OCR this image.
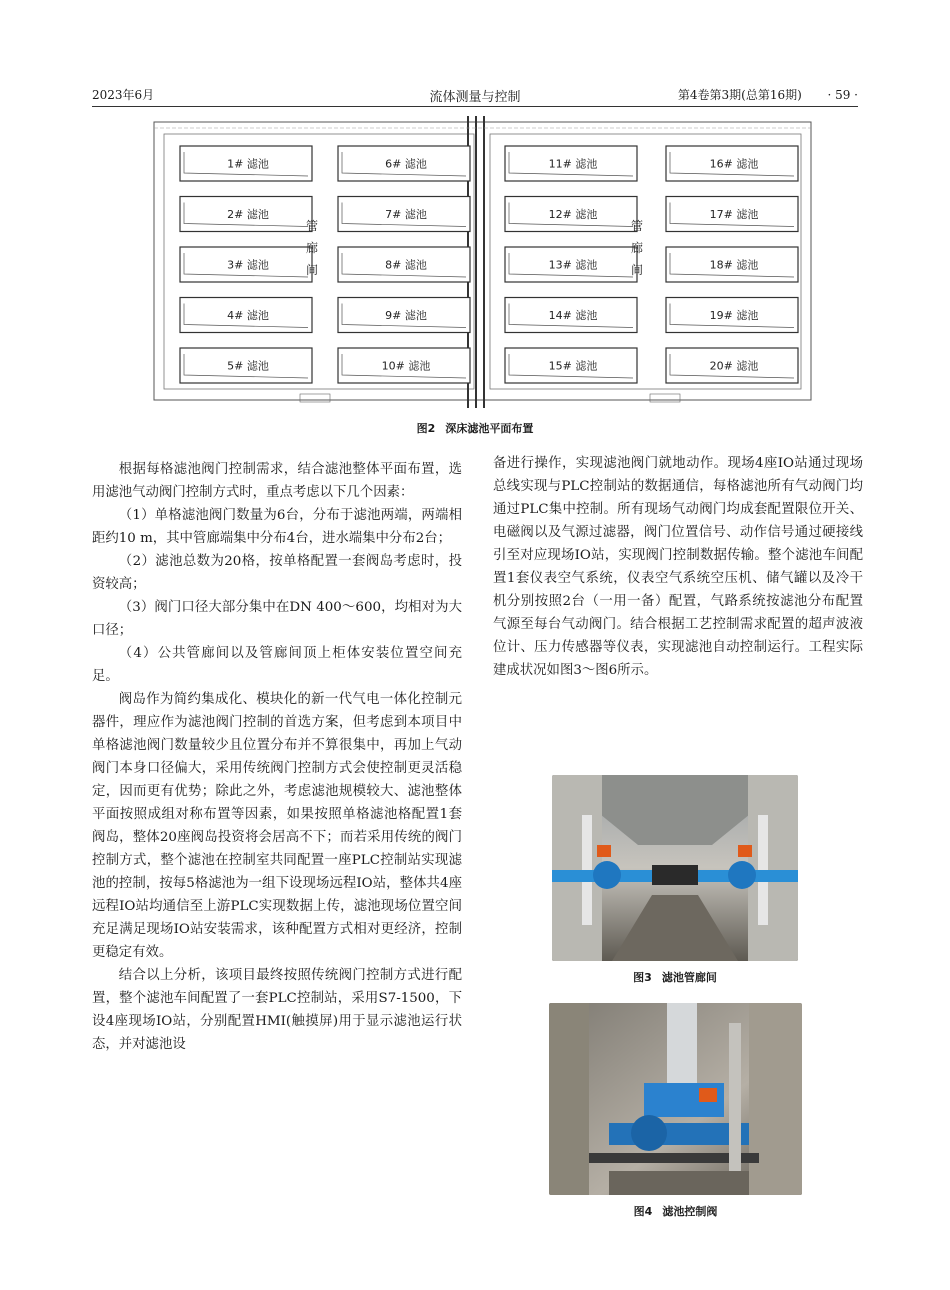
2023年6月	流体测量与控制	第4卷第3期(总第16期) · 59 ·
1# 滤池
2# 滤池
3# 滤池
4# 滤池
5# 滤池
6# 滤池
7# 滤池
8# 滤池
9# 滤池
10# 滤池
11# 滤池
12# 滤池
13# 滤池
14# 滤池
15# 滤池
16# 滤池
17# 滤池
18# 滤池
19# 滤池
20# 滤池
管
廊
间
管
廊
间
图2 深床滤池平面布置

根据每格滤池阀门控制需求，结合滤池整体平面布置，选用滤池气动阀门控制方式时，重点考虑以下几个因素：

（1）单格滤池阀门数量为6台，分布于滤池两端，两端相距约10 m，其中管廊端集中分布4台，进水端集中分布2台；

（2）滤池总数为20格，按单格配置一套阀岛考虑时，投资较高；

（3）阀门口径大部分集中在DN 400～600，均相对为大口径；

（4）公共管廊间以及管廊间顶上柜体安装位置空间充足。

阀岛作为简约集成化、模块化的新一代气电一体化控制元器件，理应作为滤池阀门控制的首选方案，但考虑到本项目中单格滤池阀门数量较少且位置分布并不算很集中，再加上气动阀门本身口径偏大，采用传统阀门控制方式会使控制更灵活稳定，因而更有优势；除此之外，考虑滤池规模较大、滤池整体平面按照成组对称布置等因素，如果按照单格滤池格配置1套阀岛，整体20座阀岛投资将会居高不下；而若采用传统的阀门控制方式，整个滤池在控制室共同配置一座PLC控制站实现滤池的控制，按每5格滤池为一组下设现场远程IO站，整体共4座远程IO站均通信至上游PLC实现数据上传，滤池现场位置空间充足满足现场IO站安装需求，该种配置方式相对更经济，控制更稳定有效。

结合以上分析，该项目最终按照传统阀门控制方式进行配置，整个滤池车间配置了一套PLC控制站，采用S7-1500，下设4座现场IO站，分别配置HMI(触摸屏)用于显示滤池运行状态，并对滤池设

备进行操作，实现滤池阀门就地动作。现场4座IO站通过现场总线实现与PLC控制站的数据通信，每格滤池所有气动阀门均通过PLC集中控制。所有现场气动阀门均成套配置限位开关、电磁阀以及气源过滤器，阀门位置信号、动作信号通过硬接线引至对应现场IO站，实现阀门控制数据传输。整个滤池车间配置1套仪表空气系统，仪表空气系统空压机、储气罐以及冷干机分别按照2台（一用一备）配置，气路系统按滤池分布配置气源至每台气动阀门。结合根据工艺控制需求配置的超声波液位计、压力传感器等仪表，实现滤池自动控制运行。工程实际建成状况如图3～图6所示。

图3 滤池管廊间
图4 滤池控制阀
